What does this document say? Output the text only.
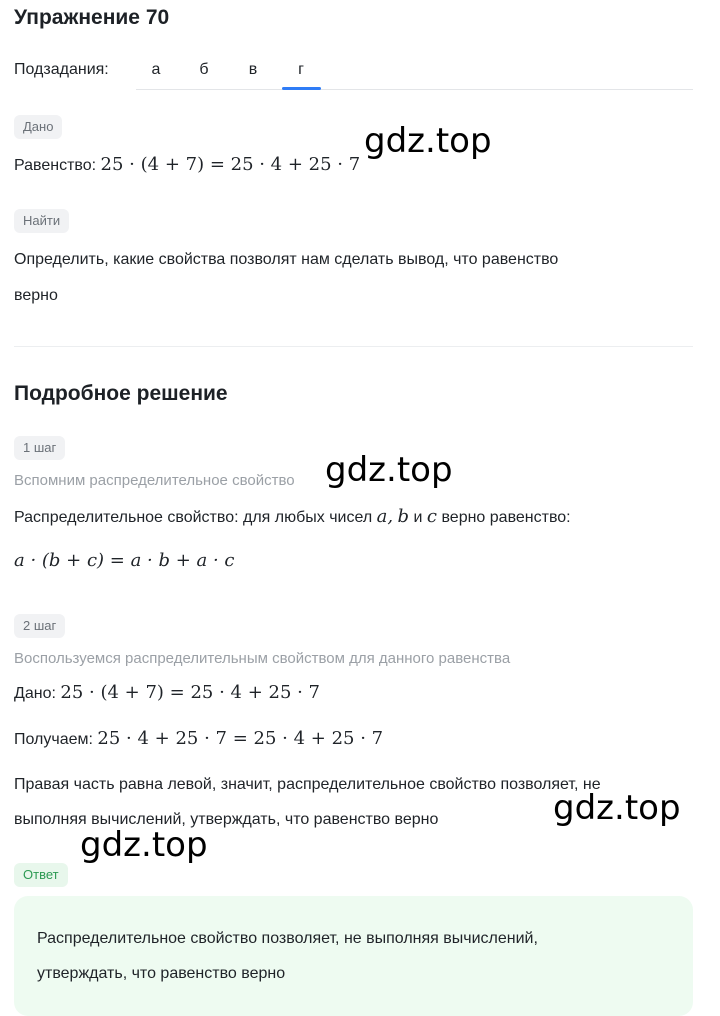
Упражнение 70
Подзадания:	а	б	в	г
Дано
Равенство: 25 · (4 + 7) = 25 · 4 + 25 · 7
Найти
Определить, какие свойства позволят нам сделать вывод, что равенство
верно
Подробное решение
1 шаг
Вспомним распределительное свойство
Распределительное свойство: для любых чисел a, b и c верно равенство:
a · (b + c) = a · b + a · c
2 шаг
Воспользуемся распределительным свойством для данного равенства
Дано: 25 · (4 + 7) = 25 · 4 + 25 · 7
Получаем: 25 · 4 + 25 · 7 = 25 · 4 + 25 · 7
Правая часть равна левой, значит, распределительное свойство позволяет, не
выполняя вычислений, утверждать, что равенство верно
Ответ
Распределительное свойство позволяет, не выполняя вычислений,
утверждать, что равенство верно
gdz.top
gdz.top
gdz.top
gdz.top
